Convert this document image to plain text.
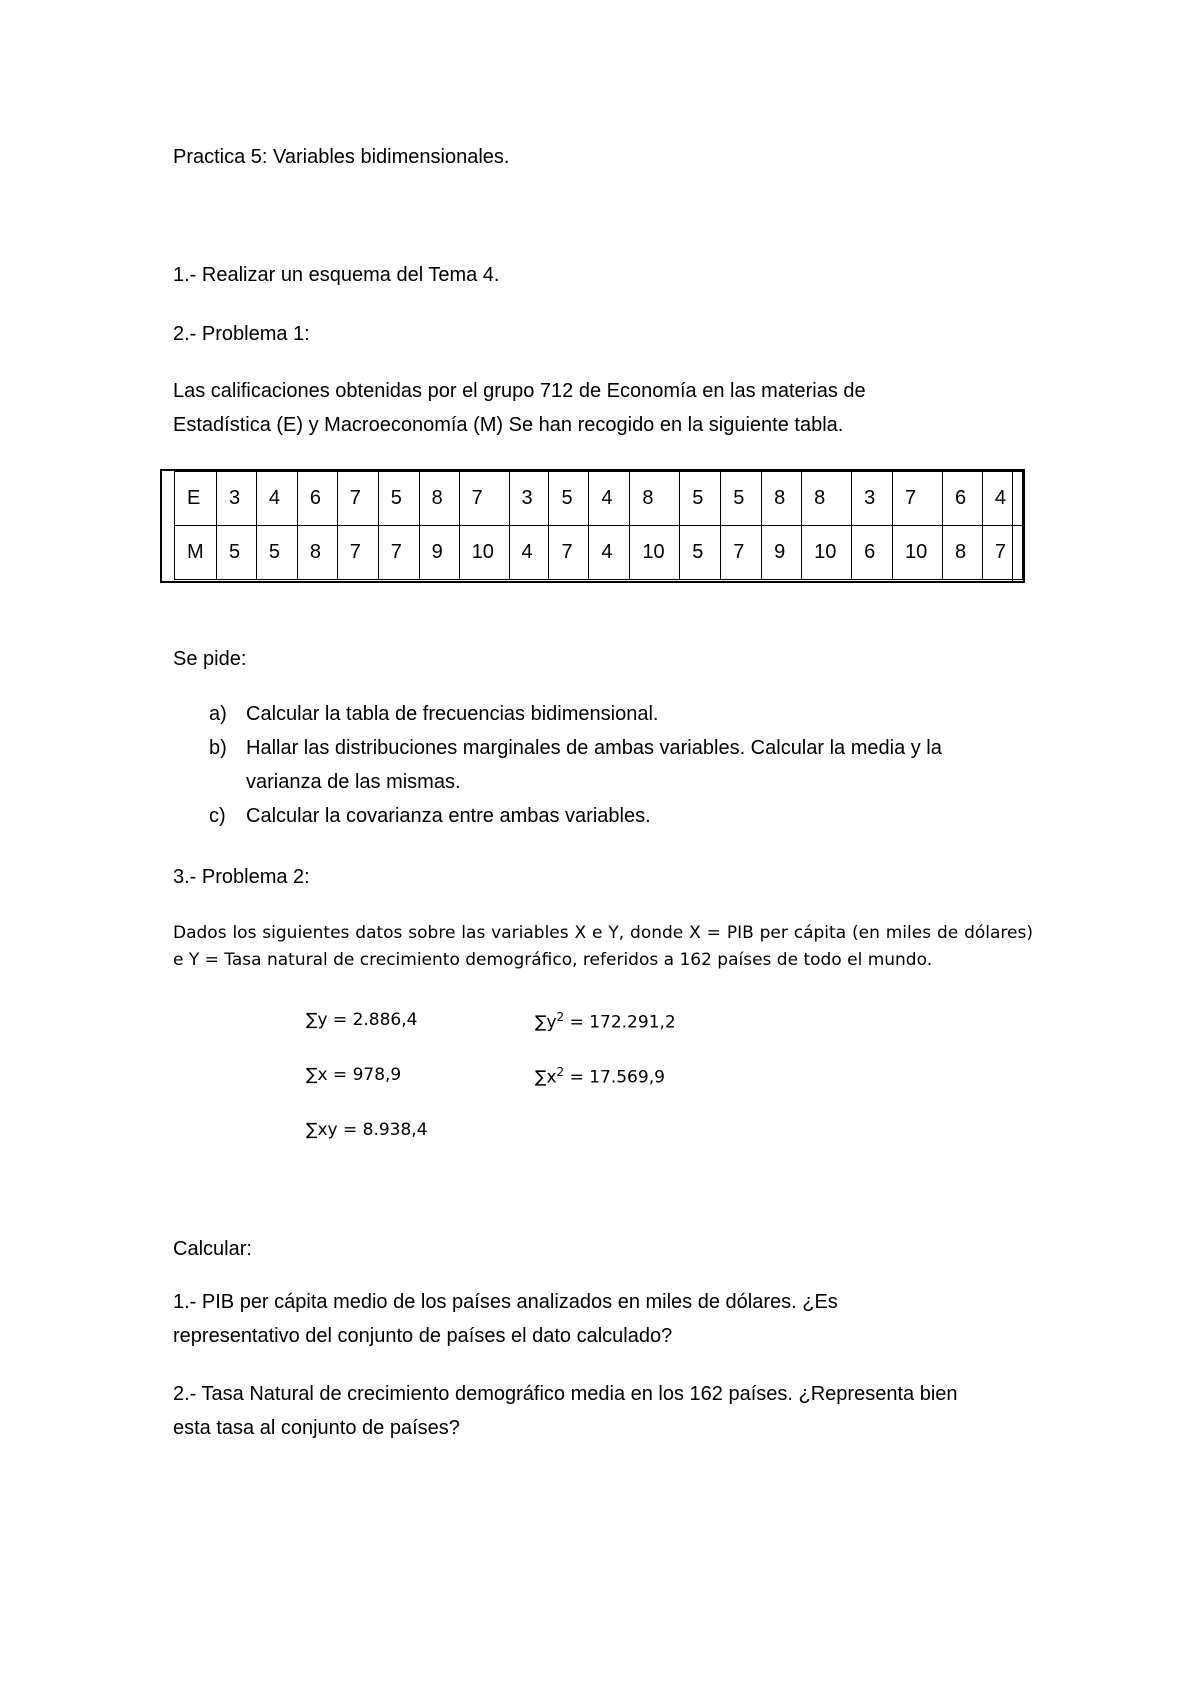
Practica 5: Variables bidimensionales.
1.- Realizar un esquema del Tema 4.
2.- Problema 1:
Las calificaciones obtenidas por el grupo 712 de Economía en las materias de
Estadística (E) y Macroeconomía (M) Se han recogido en la siguiente tabla.
E	3	4	6	7	5	8	7	3	5	4	8	5	5	8	8	3	7	6	4
M	5	5	8	7	7	9	10	4	7	4	10	5	7	9	10	6	10	8	7
Se pide:
a) Calcular la tabla de frecuencias bidimensional.
b) Hallar las distribuciones marginales de ambas variables. Calcular la media y la
varianza de las mismas.
c) Calcular la covarianza entre ambas variables.
3.- Problema 2:
Dados los siguientes datos sobre las variables X e Y, donde X = PIB per cápita (en miles de dólares) e Y = Tasa natural de crecimiento demográfico, referidos a 162 países de todo el mundo.
∑y = 2.886,4	$\sum y^2 = 172.291,2$
∑x = 978,9	$\sum x^2 = 17.569,9$
∑xy = 8.938,4
Calcular:
1.- PIB per cápita medio de los países analizados en miles de dólares. ¿Es
representativo del conjunto de países el dato calculado?
2.- Tasa Natural de crecimiento demográfico media en los 162 países. ¿Representa bien
esta tasa al conjunto de países?
